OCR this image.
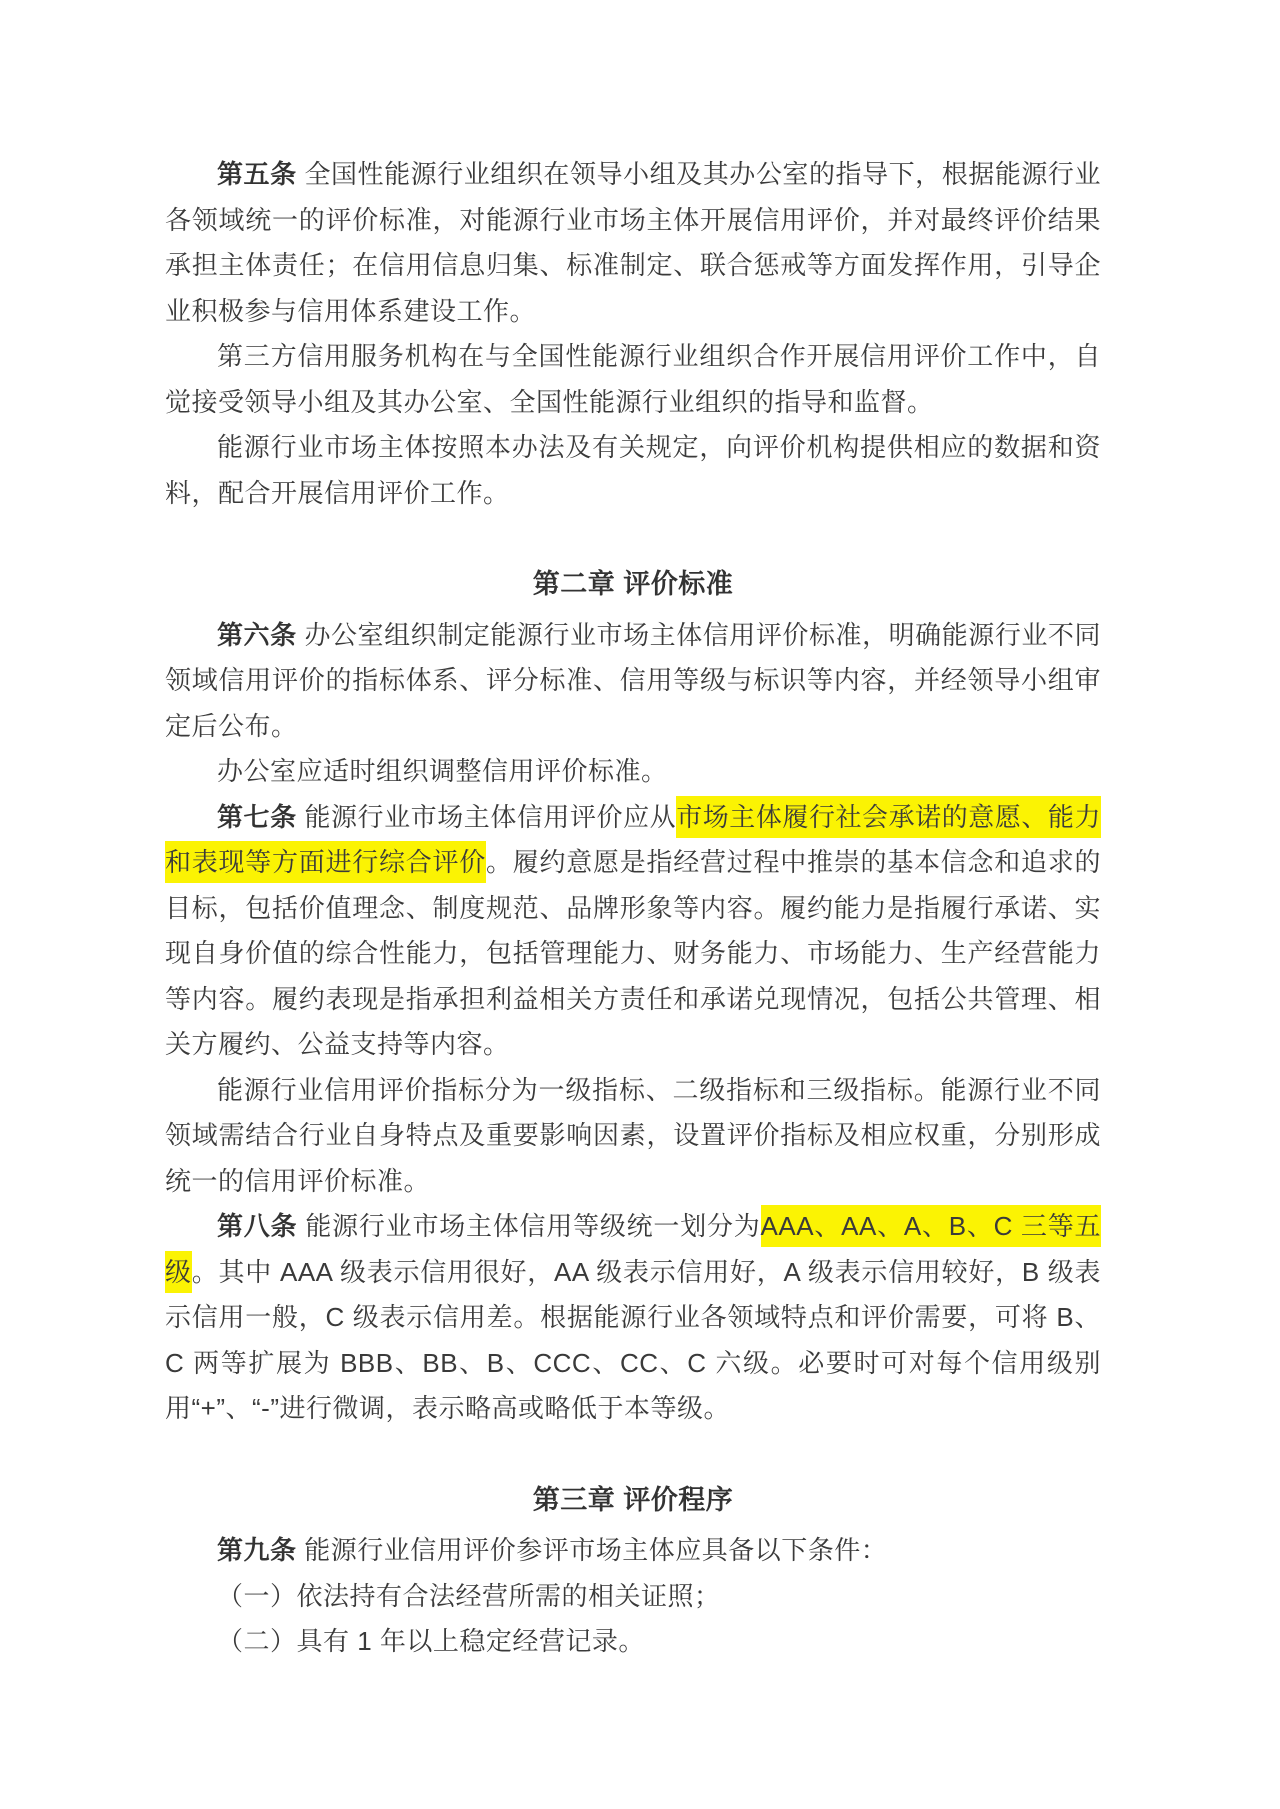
第五条 全国性能源行业组织在领导小组及其办公室的指导下，根据能源行业各领域统一的评价标准，对能源行业市场主体开展信用评价，并对最终评价结果承担主体责任；在信用信息归集、标准制定、联合惩戒等方面发挥作用，引导企业积极参与信用体系建设工作。

第三方信用服务机构在与全国性能源行业组织合作开展信用评价工作中，自觉接受领导小组及其办公室、全国性能源行业组织的指导和监督。

能源行业市场主体按照本办法及有关规定，向评价机构提供相应的数据和资料，配合开展信用评价工作。

第二章 评价标准

第六条 办公室组织制定能源行业市场主体信用评价标准，明确能源行业不同领域信用评价的指标体系、评分标准、信用等级与标识等内容，并经领导小组审定后公布。

办公室应适时组织调整信用评价标准。

第七条 能源行业市场主体信用评价应从市场主体履行社会承诺的意愿、能力和表现等方面进行综合评价。履约意愿是指经营过程中推崇的基本信念和追求的目标，包括价值理念、制度规范、品牌形象等内容。履约能力是指履行承诺、实现自身价值的综合性能力，包括管理能力、财务能力、市场能力、生产经营能力等内容。履约表现是指承担利益相关方责任和承诺兑现情况，包括公共管理、相关方履约、公益支持等内容。

能源行业信用评价指标分为一级指标、二级指标和三级指标。能源行业不同领域需结合行业自身特点及重要影响因素，设置评价指标及相应权重，分别形成统一的信用评价标准。

第八条 能源行业市场主体信用等级统一划分为AAA、AA、A、B、C 三等五级。其中 AAA 级表示信用很好，AA 级表示信用好，A 级表示信用较好，B 级表示信用一般，C 级表示信用差。根据能源行业各领域特点和评价需要，可将 B、C 两等扩展为 BBB、BB、B、CCC、CC、C 六级。必要时可对每个信用级别用“+”、“-”进行微调，表示略高或略低于本等级。

第三章 评价程序

第九条 能源行业信用评价参评市场主体应具备以下条件：

（一）依法持有合法经营所需的相关证照；

（二）具有 1 年以上稳定经营记录。
